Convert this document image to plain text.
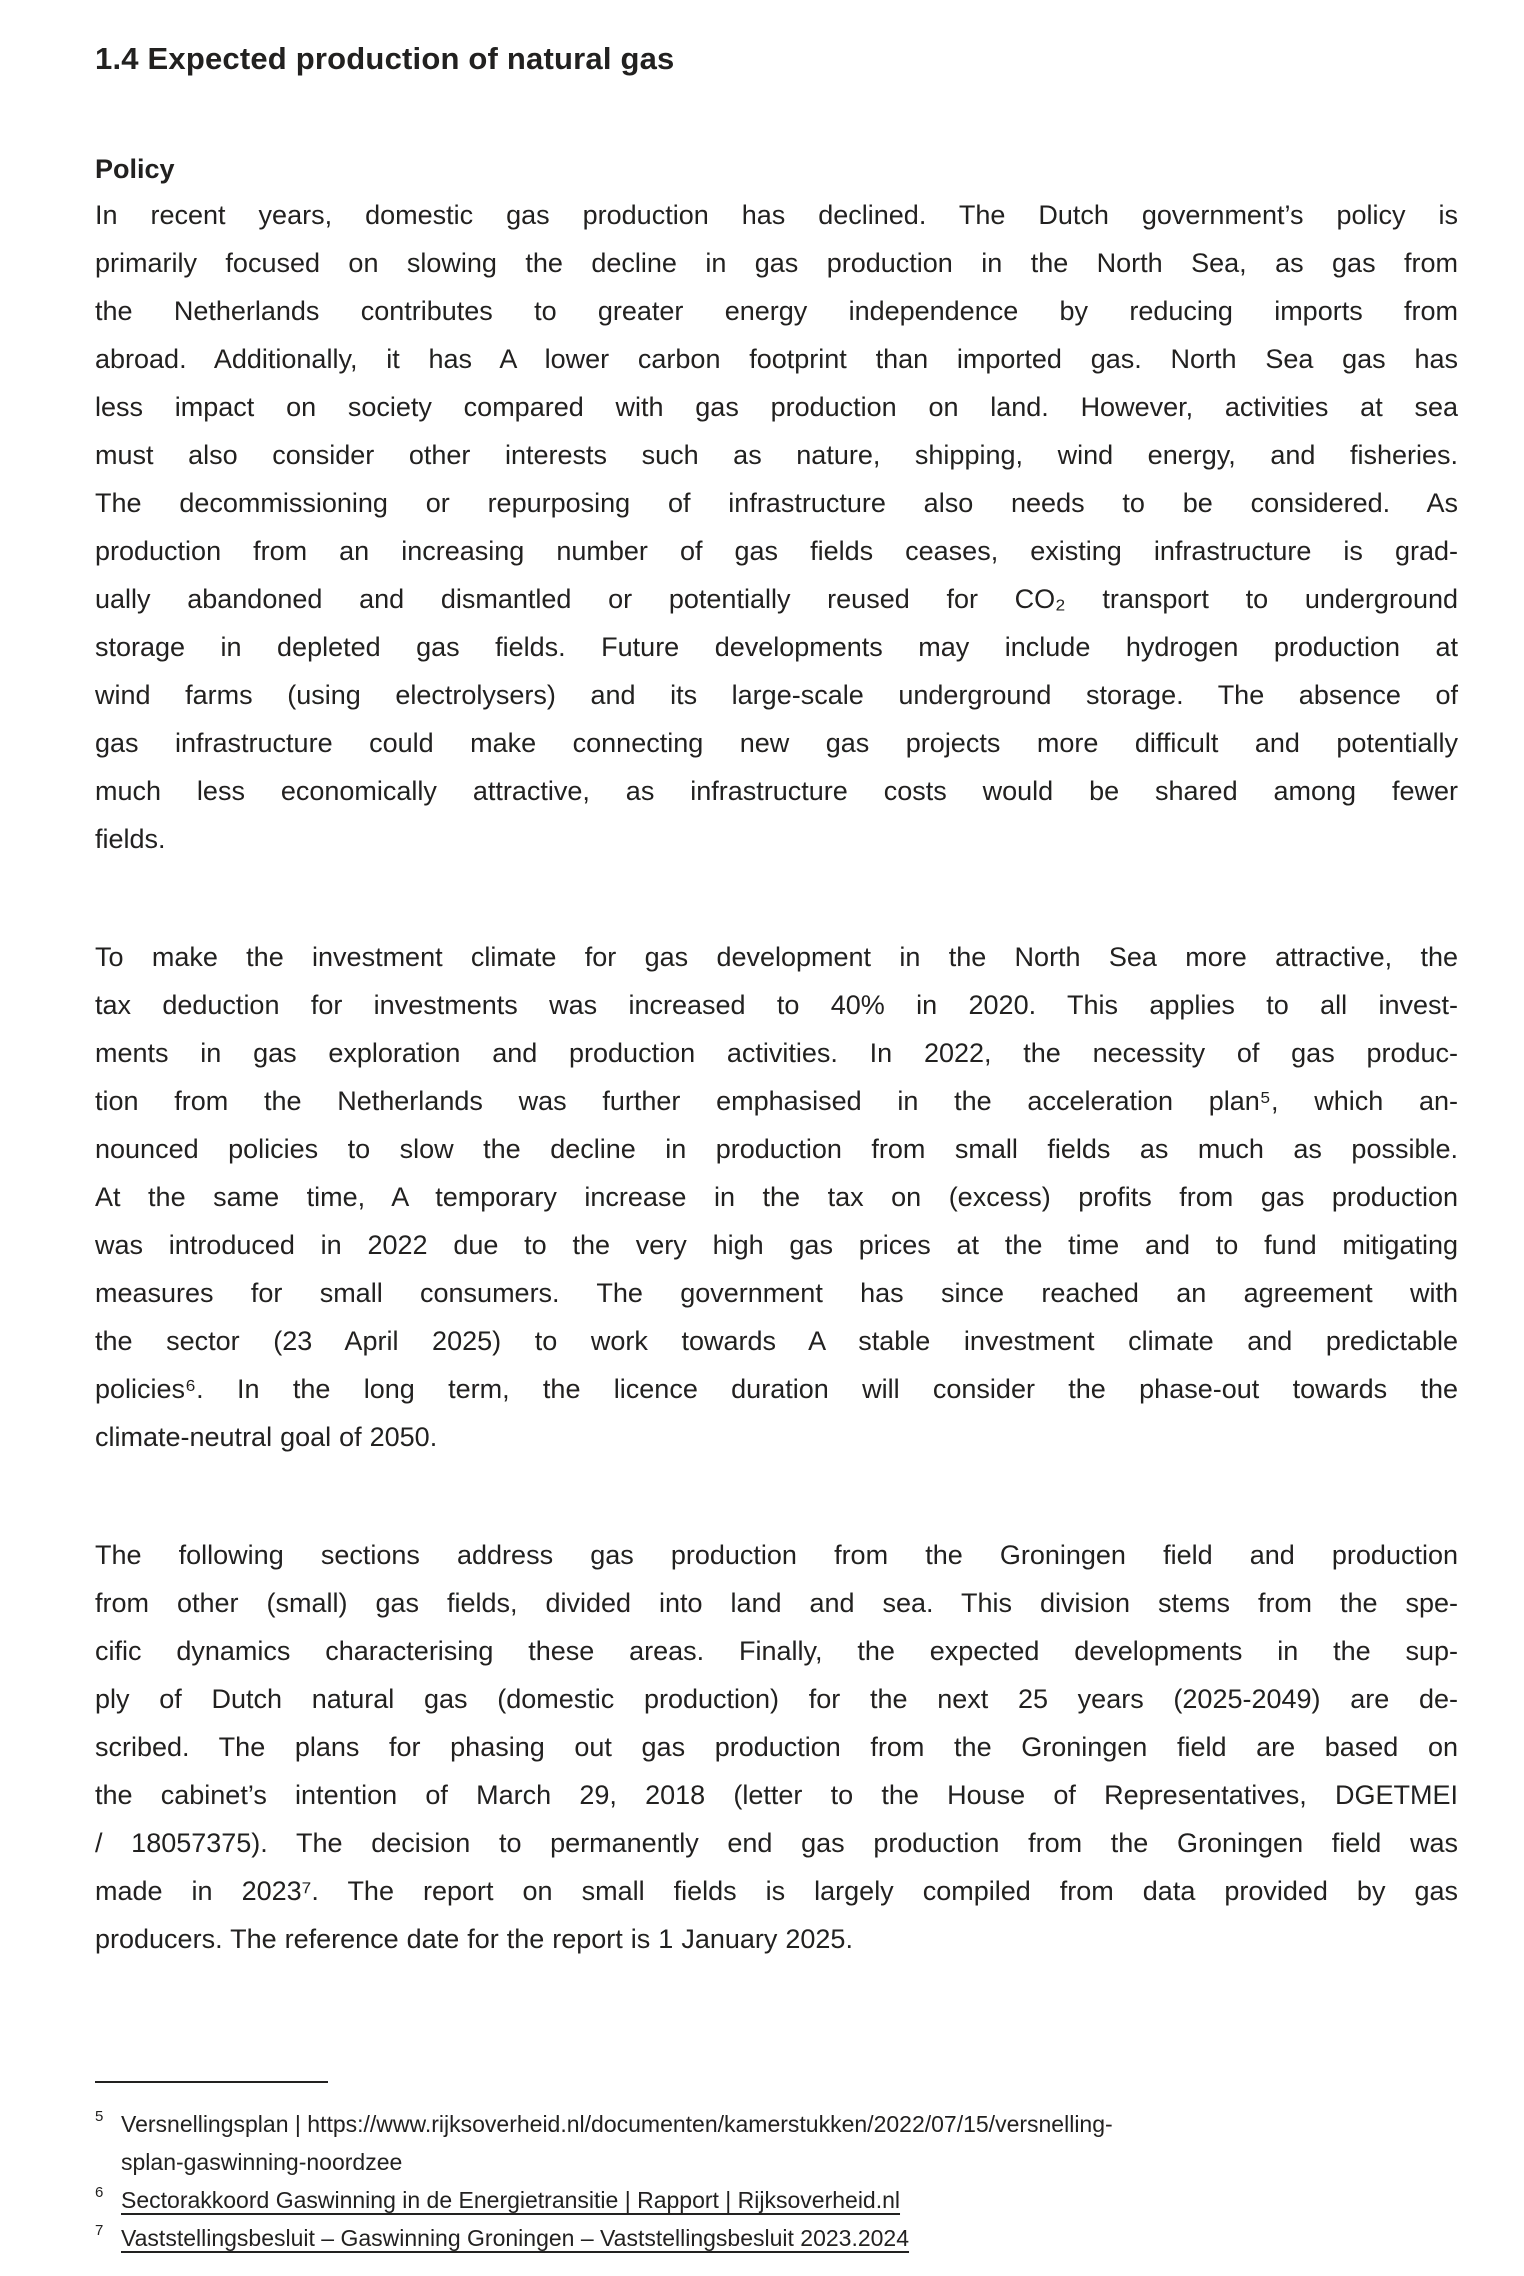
1.4 Expected production of natural gas
Policy
In recent years, domestic gas production has declined. The Dutch government’s policy is
primarily focused on slowing the decline in gas production in the North Sea, as gas from
the Netherlands contributes to greater energy independence by reducing imports from
abroad. Additionally, it has A lower carbon footprint than imported gas. North Sea gas has
less impact on society compared with gas production on land. However, activities at sea
must also consider other interests such as nature, shipping, wind energy, and fisheries.
The decommissioning or repurposing of infrastructure also needs to be considered. As
production from an increasing number of gas fields ceases, existing infrastructure is grad-
ually abandoned and dismantled or potentially reused for CO₂ transport to underground
storage in depleted gas fields. Future developments may include hydrogen production at
wind farms (using electrolysers) and its large-scale underground storage. The absence of
gas infrastructure could make connecting new gas projects more difficult and potentially
much less economically attractive, as infrastructure costs would be shared among fewer
fields.
To make the investment climate for gas development in the North Sea more attractive, the
tax deduction for investments was increased to 40% in 2020. This applies to all invest-
ments in gas exploration and production activities. In 2022, the necessity of gas produc-
tion from the Netherlands was further emphasised in the acceleration plan⁵, which an-
nounced policies to slow the decline in production from small fields as much as possible.
At the same time, A temporary increase in the tax on (excess) profits from gas production
was introduced in 2022 due to the very high gas prices at the time and to fund mitigating
measures for small consumers. The government has since reached an agreement with
the sector (23 April 2025) to work towards A stable investment climate and predictable
policies⁶. In the long term, the licence duration will consider the phase-out towards the
climate-neutral goal of 2050.
The following sections address gas production from the Groningen field and production
from other (small) gas fields, divided into land and sea. This division stems from the spe-
cific dynamics characterising these areas. Finally, the expected developments in the sup-
ply of Dutch natural gas (domestic production) for the next 25 years (2025-2049) are de-
scribed. The plans for phasing out gas production from the Groningen field are based on
the cabinet’s intention of March 29, 2018 (letter to the House of Representatives, DGETMEI
/ 18057375). The decision to permanently end gas production from the Groningen field was
made in 2023⁷. The report on small fields is largely compiled from data provided by gas
producers. The reference date for the report is 1 January 2025.
5 Versnellingsplan | https://www.rijksoverheid.nl/documenten/kamerstukken/2022/07/15/versnelling-
splan-gaswinning-noordzee
6 Sectorakkoord Gaswinning in de Energietransitie | Rapport | Rijksoverheid.nl
7 Vaststellingsbesluit – Gaswinning Groningen – Vaststellingsbesluit 2023.2024
